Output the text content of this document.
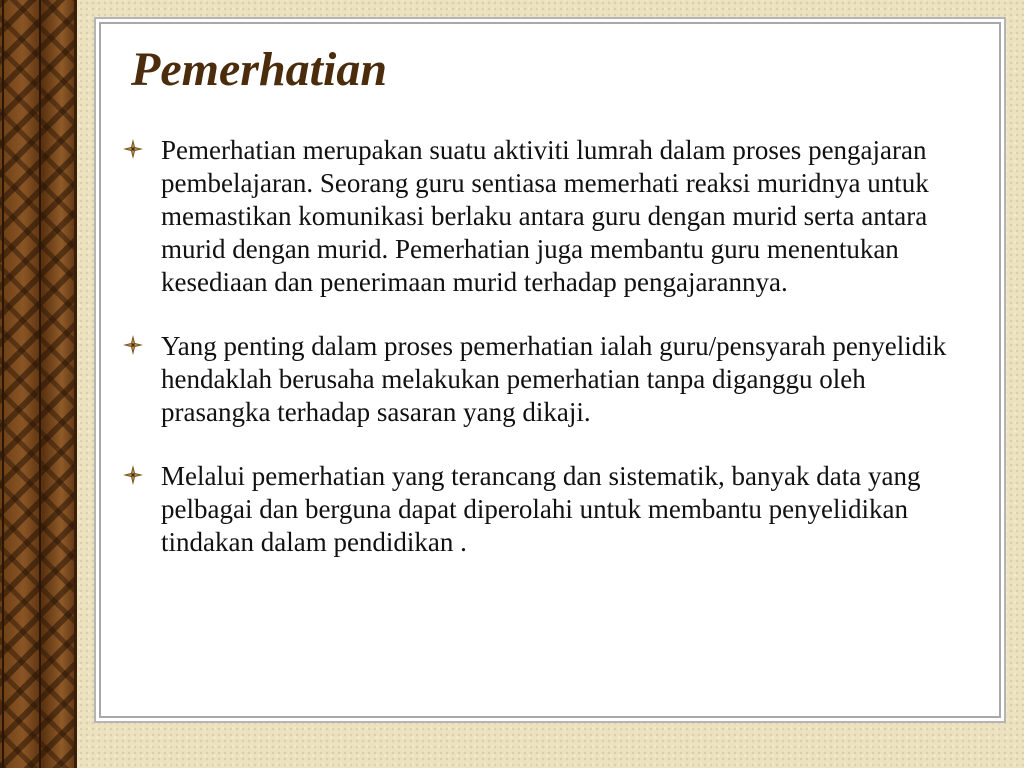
Pemerhatian
Pemerhatian merupakan suatu aktiviti lumrah dalam proses pengajaran pembelajaran. Seorang guru sentiasa memerhati reaksi muridnya untuk memastikan komunikasi berlaku antara guru dengan murid serta antara murid dengan murid. Pemerhatian juga membantu guru menentukan kesediaan dan penerimaan murid terhadap pengajarannya.
Yang penting dalam proses pemerhatian ialah guru/pensyarah penyelidik hendaklah berusaha melakukan pemerhatian tanpa diganggu oleh prasangka terhadap sasaran yang dikaji.
Melalui pemerhatian yang terancang dan sistematik, banyak data yang pelbagai dan berguna dapat diperolahi untuk membantu penyelidikan tindakan dalam pendidikan .
